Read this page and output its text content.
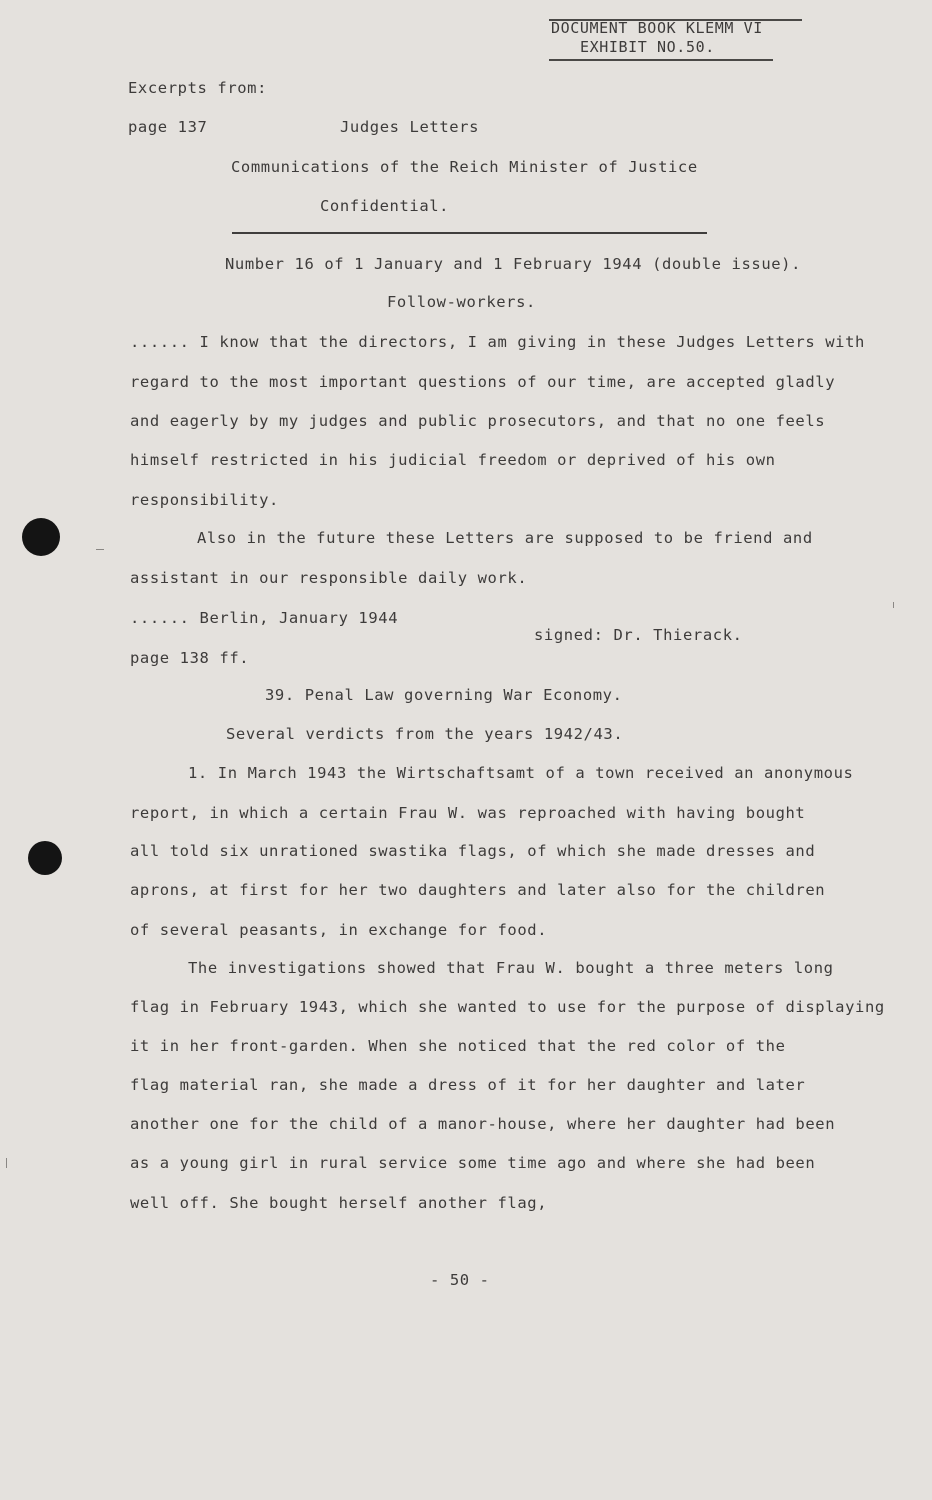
DOCUMENT BOOK KLEMM VI
EXHIBIT NO.50.
Excerpts from:
page 137	Judges Letters
Communications of the Reich Minister of Justice
Confidential.
Number 16 of 1 January and 1 February 1944 (double issue).
Follow-workers.
...... I know that the directors, I am giving in these Judges Letters with
regard to the most important questions of our time, are accepted gladly
and eagerly by my judges and public prosecutors, and that no one feels
himself restricted in his judicial freedom or deprived of his own
responsibility.
Also in the future these Letters are supposed to be friend and
assistant in our responsible daily work.
...... Berlin, January 1944
signed: Dr. Thierack.
page 138 ff.
39. Penal Law governing War Economy.
Several verdicts from the years 1942/43.
1. In March 1943 the Wirtschaftsamt of a town received an anonymous
report, in which a certain Frau W. was reproached with having bought
all told six unrationed swastika flags, of which she made dresses and
aprons, at first for her two daughters and later also for the children
of several peasants, in exchange for food.
The investigations showed that Frau W. bought a three meters long
flag in February 1943, which she wanted to use for the purpose of displaying
it in her front-garden. When she noticed that the red color of the
flag material ran, she made a dress of it for her daughter and later
another one for the child of a manor-house, where her daughter had been
as a young girl in rural service some time ago and where she had been
well off. She bought herself another flag,
- 50 -
